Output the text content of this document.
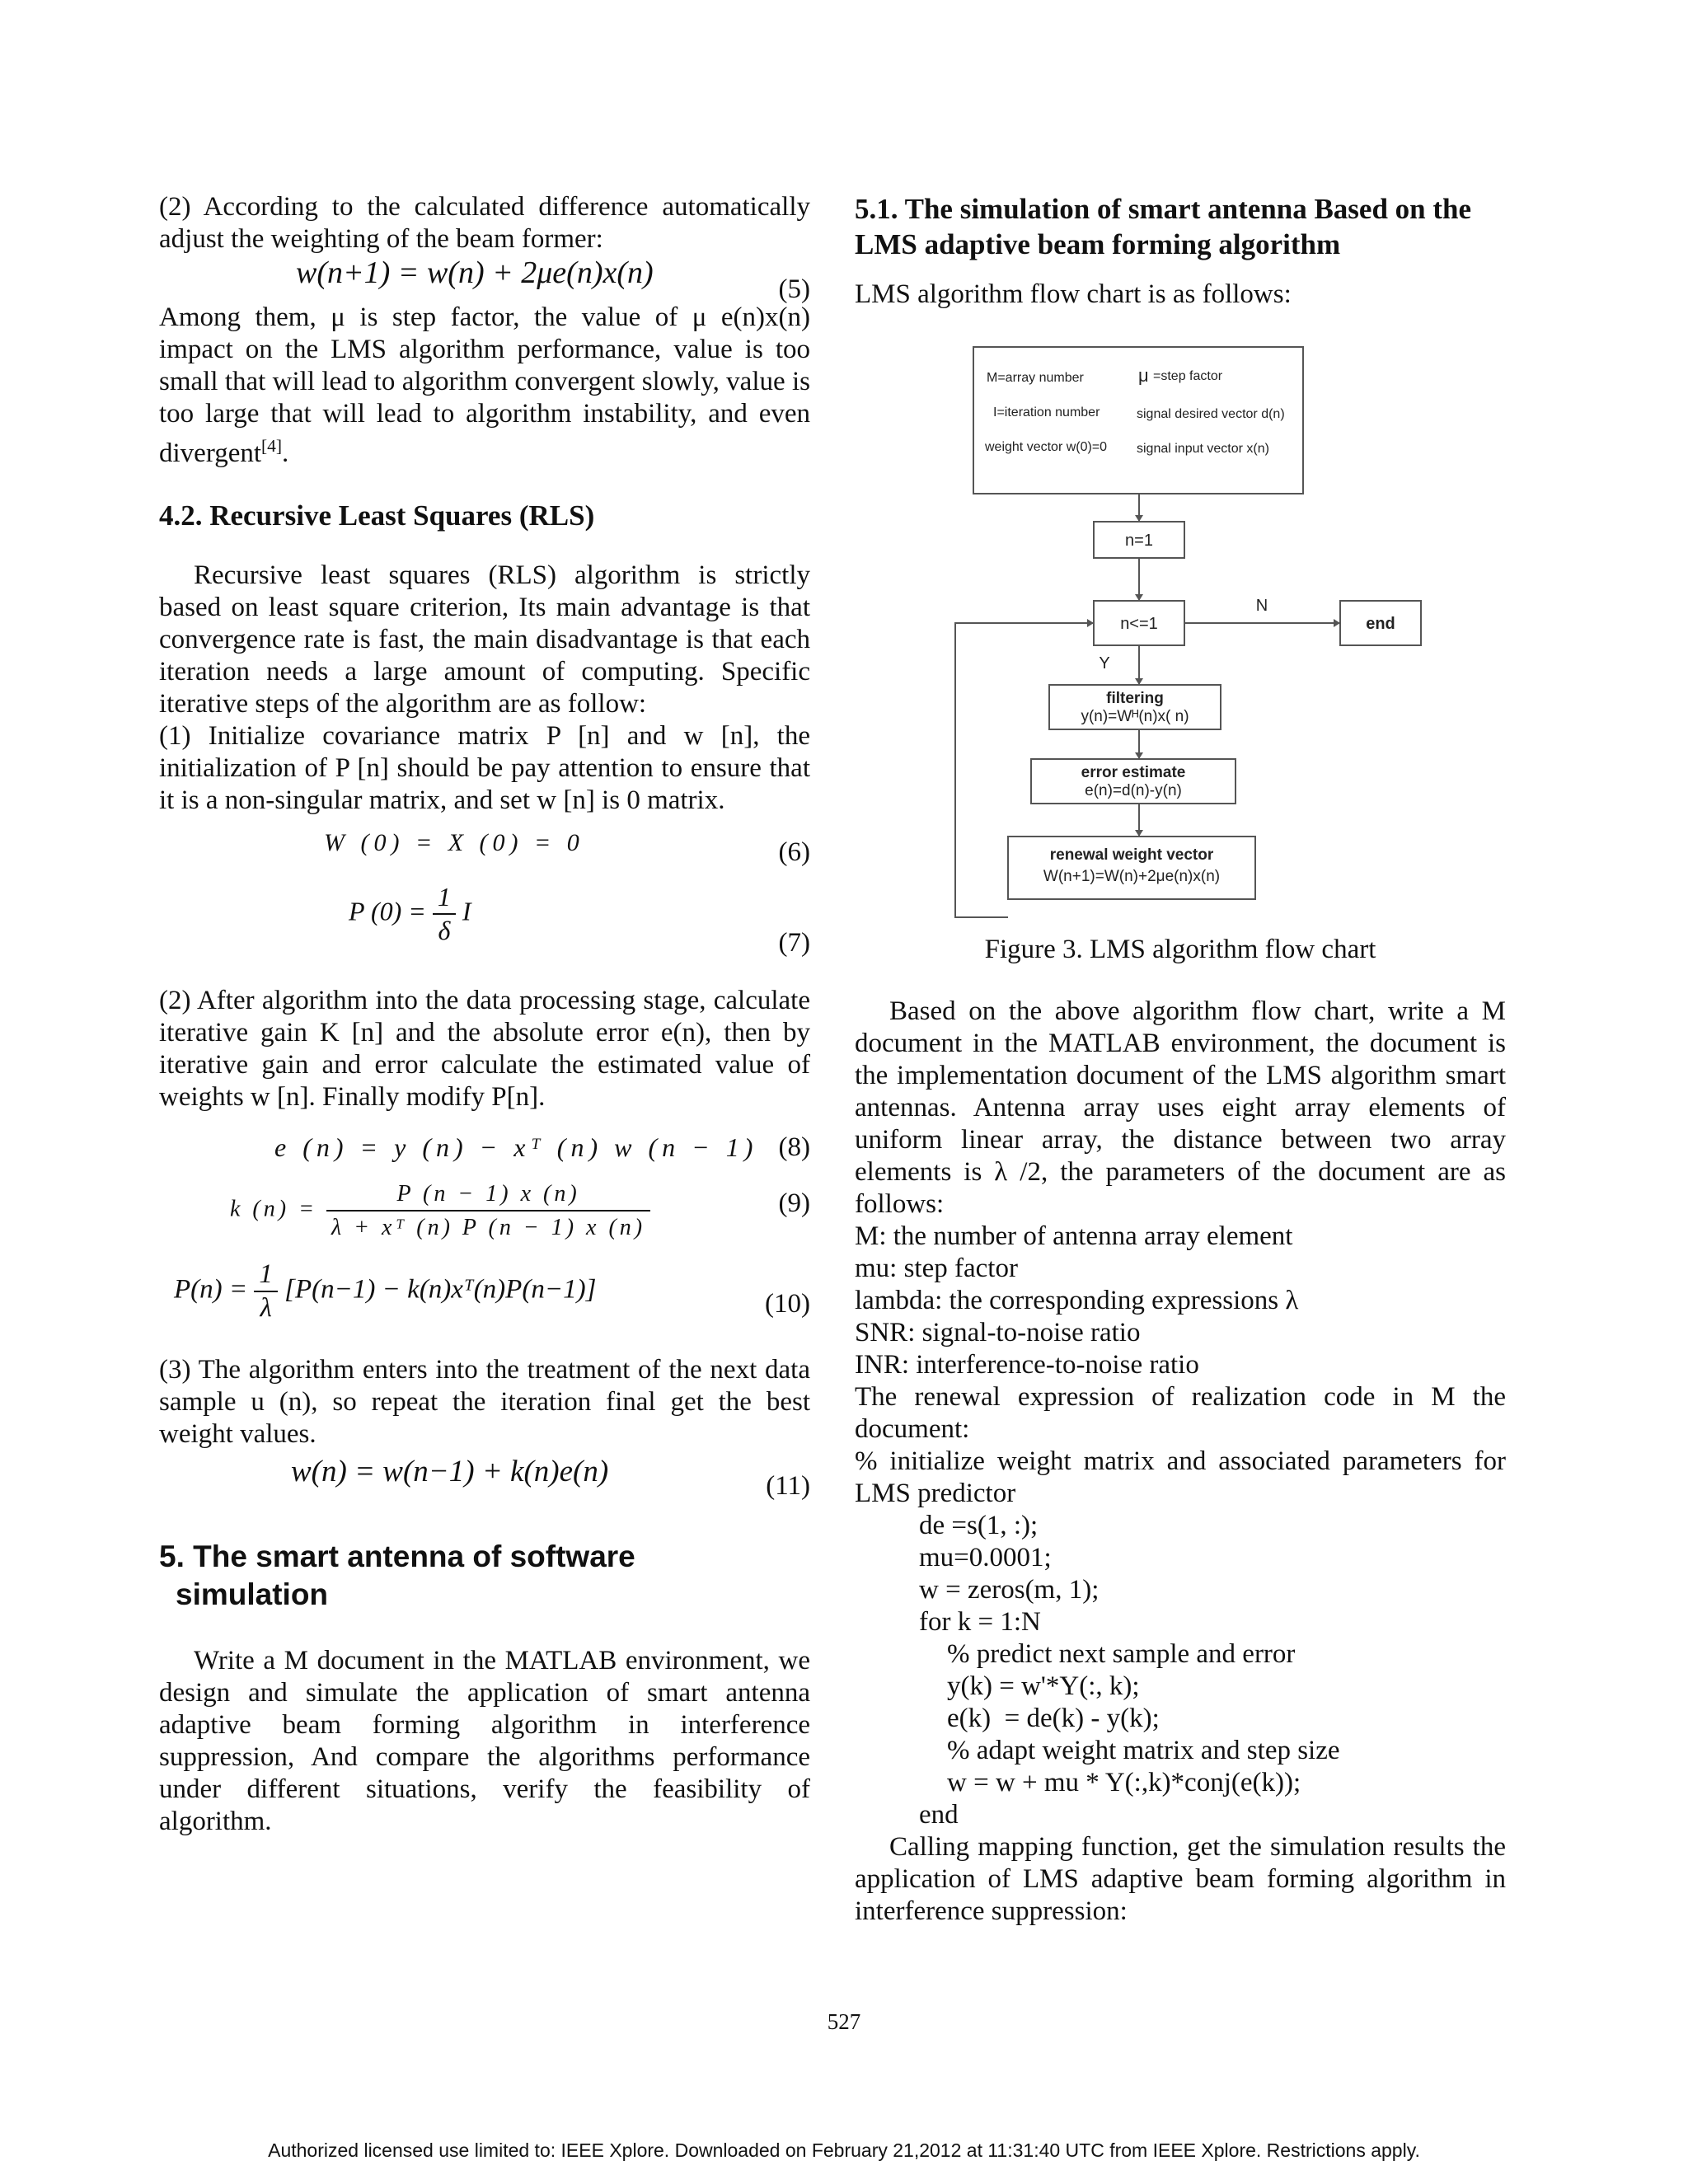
(2) According to the calculated difference automatically adjust the weighting of the beam former:

w(n+1) = w(n) + 2μe(n)x(n)	(5)

Among them, μ is step factor, the value of μ e(n)x(n) impact on the LMS algorithm performance, value is too small that will lead to algorithm convergent slowly, value is too large that will lead to algorithm instability, and even divergent[4].

4.2. Recursive Least Squares (RLS)

Recursive least squares (RLS) algorithm is strictly based on least square criterion, Its main advantage is that convergence rate is fast, the main disadvantage is that each iteration needs a large amount of computing. Specific iterative steps of the algorithm are as follow:

(1) Initialize covariance matrix P [n] and w [n], the initialization of P [n] should be pay attention to ensure that it is a non-singular matrix, and set w [n] is 0 matrix.

W (0) = X (0) = 0	(6)
P $(0) = \frac{1}{\delta}$ I
(7)

(2) After algorithm into the data processing stage, calculate iterative gain K [n] and the absolute error e(n), then by iterative gain and error calculate the estimated value of weights w [n]. Finally modify P[n].

e (n) = y (n) − xᵀ (n) w (n − 1) (8)
k $(n) = \frac{P (n - 1) x (n)}{\text{λ + xᵀ (n) P (n − 1) x (n)}}$	(9)
$P(n) = \frac{1}{\lambda} [P(n-1)$ − k(n)xᵀ(n)P(n−1)]	(10)

(3) The algorithm enters into the treatment of the next data sample u (n), so repeat the iteration final get the best weight values.

w(n) = w(n−1) + k(n)e(n)	(11)
5. The smart antenna of software
simulation

Write a M document in the MATLAB environment, we design and simulate the application of smart antenna adaptive beam forming algorithm in interference suppression, And compare the algorithms performance under different situations, verify the feasibility of algorithm.

5.1. The simulation of smart antenna Based on the LMS adaptive beam forming algorithm

LMS algorithm flow chart is as follows:

M=array number	μ =step factor
I=iteration number	signal desired vector d(n)
weight vector w(0)=0 signal input vector x(n)
n=1
n<=1
N
Y
end
filtering
y(n)=Wᴴ(n)x( n)
error estimate
e(n)=d(n)-y(n)
renewal weight vector
W(n+1)=W(n)+2μe(n)x(n)

Figure 3. LMS algorithm flow chart

Based on the above algorithm flow chart, write a M document in the MATLAB environment, the document is the implementation document of the LMS algorithm smart antennas. Antenna array uses eight array elements of uniform linear array, the distance between two array elements is λ /2, the parameters of the document are as follows:

M: the number of antenna array element
mu: step factor
lambda: the corresponding expressions λ
SNR: signal-to-noise ratio
INR: interference-to-noise ratio

The renewal expression of realization code in M the document:

% initialize weight matrix and associated parameters for LMS predictor

de =s(1, :);
mu=0.0001;
w = zeros(m, 1);
for k = 1:N
% predict next sample and error
y(k) = w'*Y(:, k);
e(k)  = de(k) - y(k);
% adapt weight matrix and step size
w = w + mu * Y(:,k)*conj(e(k));
end

Calling mapping function, get the simulation results the application of LMS adaptive beam forming algorithm in interference suppression:

527
Authorized licensed use limited to: IEEE Xplore. Downloaded on February 21,2012 at 11:31:40 UTC from IEEE Xplore. Restrictions apply.
